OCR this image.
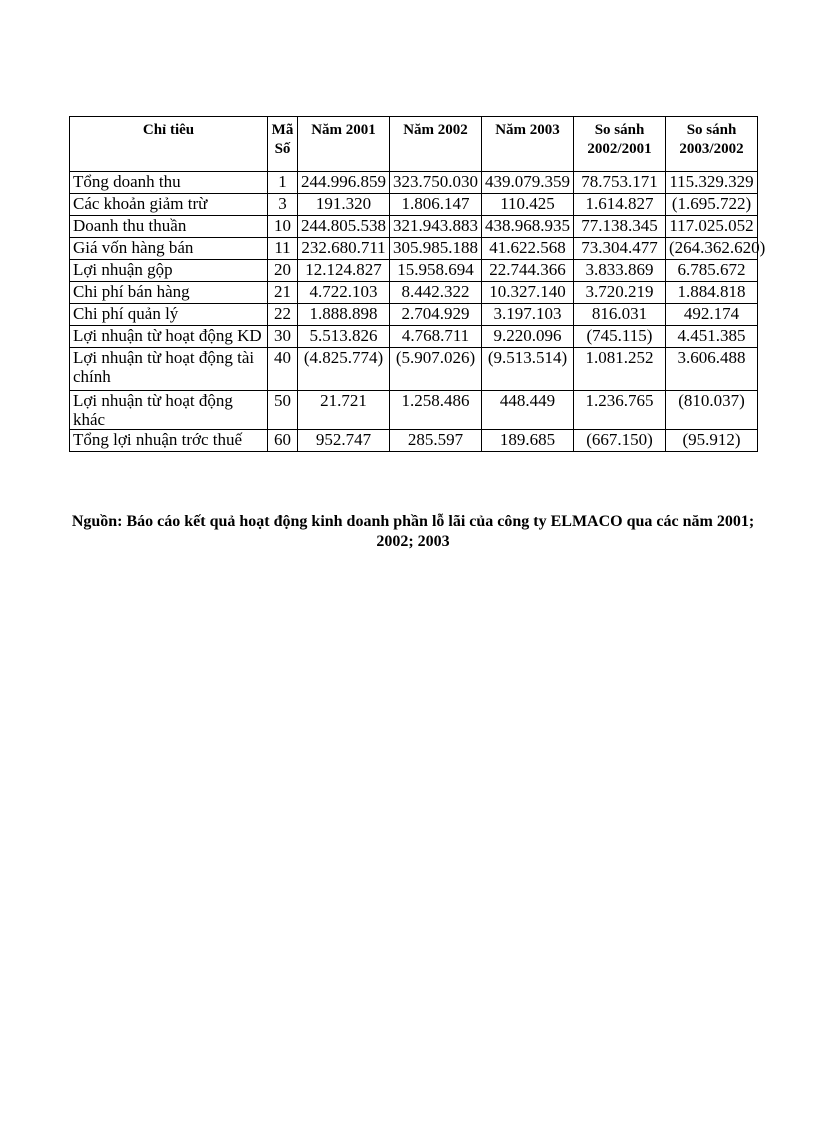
Chỉ tiêu	Mã Số	Năm 2001	Năm 2002	Năm 2003	So sánh 2002/2001	So sánh 2003/2002
Tổng doanh thu	1	244.996.859	323.750.030	439.079.359	78.753.171	115.329.329
Các khoản giảm trừ	3	191.320	1.806.147	110.425	1.614.827	(1.695.722)
Doanh thu thuần	10	244.805.538	321.943.883	438.968.935	77.138.345	117.025.052
Giá vốn hàng bán	11	232.680.711	305.985.188	41.622.568	73.304.477	(264.362.620)
Lợi nhuận gộp	20	12.124.827	15.958.694	22.744.366	3.833.869	6.785.672
Chi phí bán hàng	21	4.722.103	8.442.322	10.327.140	3.720.219	1.884.818
Chi phí quản lý	22	1.888.898	2.704.929	3.197.103	816.031	492.174
Lợi nhuận từ hoạt động KD	30	5.513.826	4.768.711	9.220.096	(745.115)	4.451.385
Lợi nhuận từ hoạt động tài chính	40	(4.825.774)	(5.907.026)	(9.513.514)	1.081.252	3.606.488
Lợi nhuận từ hoạt động khác	50	21.721	1.258.486	448.449	1.236.765	(810.037)
Tổng lợi nhuận trớc thuế	60	952.747	285.597	189.685	(667.150)	(95.912)
Nguồn: Báo cáo kết quả hoạt động kinh doanh phần lỗ lãi của công ty ELMACO qua các năm 2001; 2002; 2003
